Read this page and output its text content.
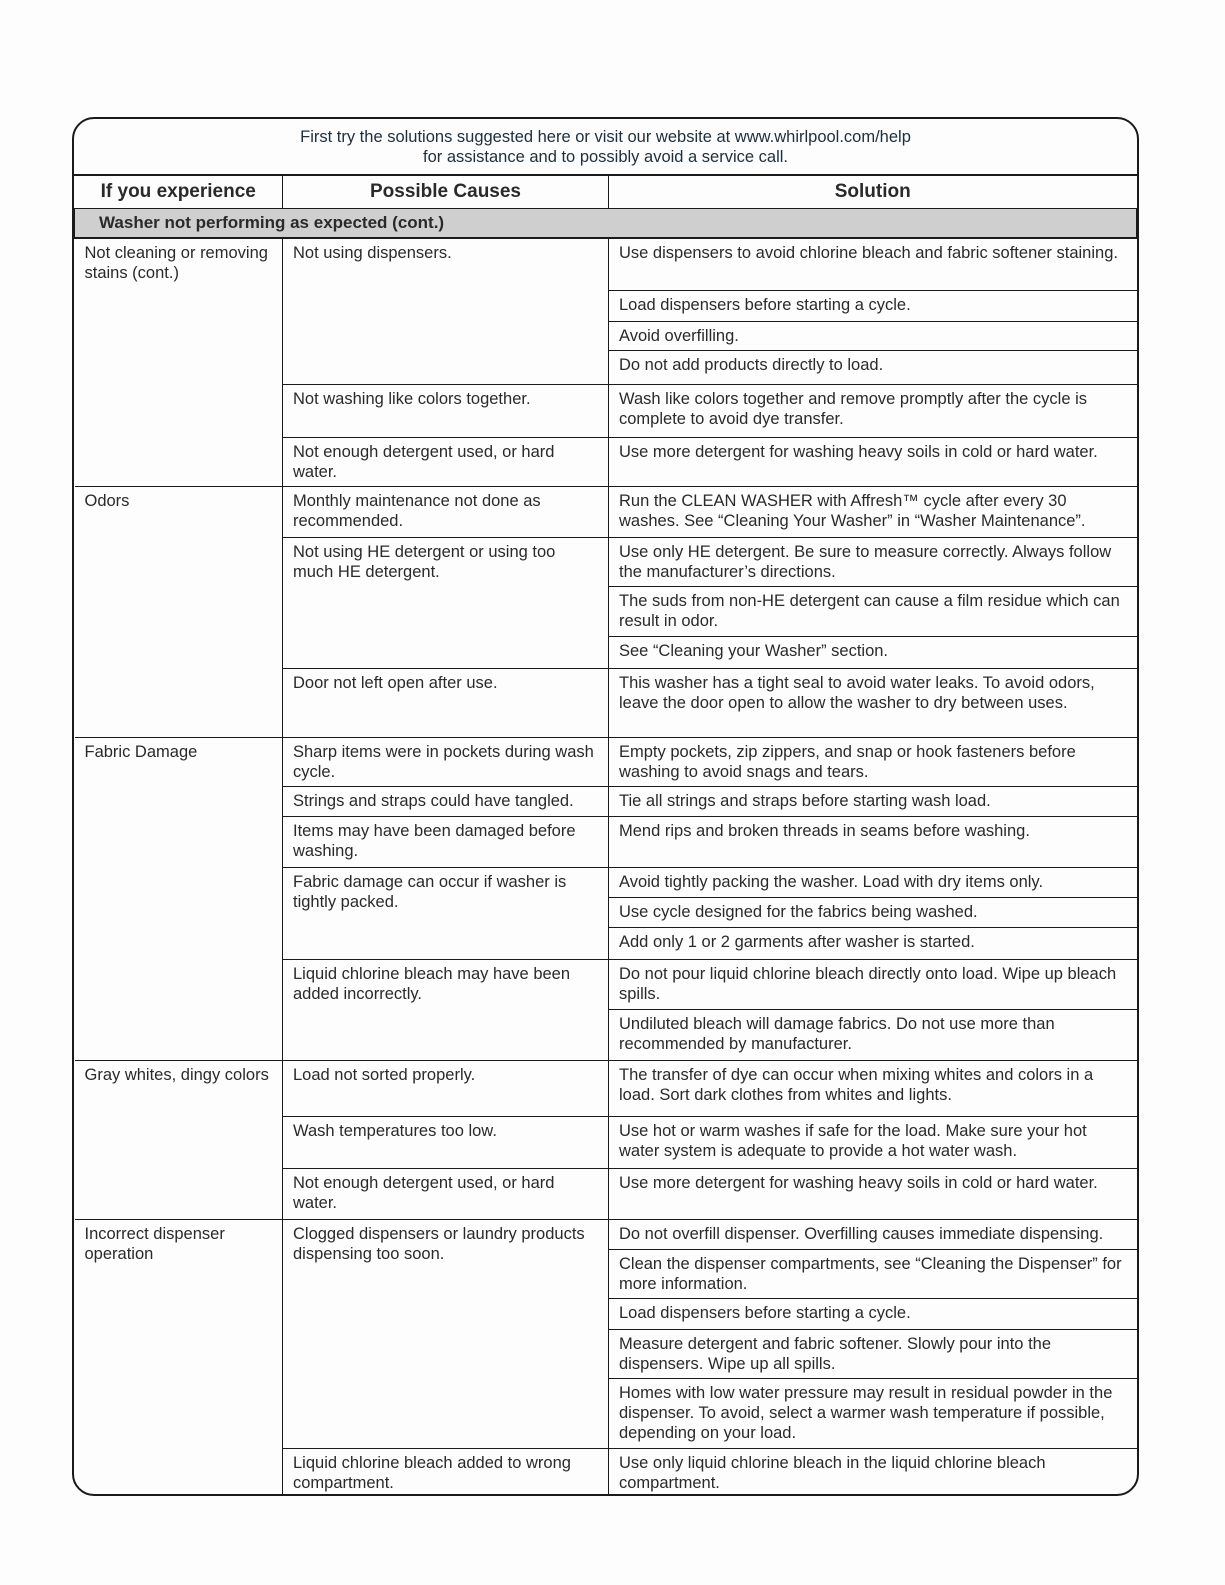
First try the solutions suggested here or visit our website at www.whirlpool.com/help
for assistance and to possibly avoid a service call.
If you experience	Possible Causes	Solution
Washer not performing as expected (cont.)		
Not cleaning or removing stains (cont.)	Not using dispensers.	Use dispensers to avoid chlorine bleach and fabric softener staining.
		Load dispensers before starting a cycle.
		Avoid overfilling.
		Do not add products directly to load.
	Not washing like colors together.	Wash like colors together and remove promptly after the cycle is complete to avoid dye transfer.
	Not enough detergent used, or hard water.	Use more detergent for washing heavy soils in cold or hard water.
Odors	Monthly maintenance not done as recommended.	Run the CLEAN WASHER with Affresh™ cycle after every 30 washes. See “Cleaning Your Washer” in “Washer Maintenance”.
	Not using HE detergent or using too much HE detergent.	Use only HE detergent. Be sure to measure correctly. Always follow the manufacturer’s directions.
		The suds from non-HE detergent can cause a film residue which can result in odor.
		See “Cleaning your Washer” section.
	Door not left open after use.	This washer has a tight seal to avoid water leaks. To avoid odors, leave the door open to allow the washer to dry between uses.
Fabric Damage	Sharp items were in pockets during wash cycle.	Empty pockets, zip zippers, and snap or hook fasteners before washing to avoid snags and tears.
	Strings and straps could have tangled.	Tie all strings and straps before starting wash load.
	Items may have been damaged before washing.	Mend rips and broken threads in seams before washing.
	Fabric damage can occur if washer is tightly packed.	Avoid tightly packing the washer. Load with dry items only.
		Use cycle designed for the fabrics being washed.
		Add only 1 or 2 garments after washer is started.
	Liquid chlorine bleach may have been added incorrectly.	Do not pour liquid chlorine bleach directly onto load. Wipe up bleach spills.
		Undiluted bleach will damage fabrics. Do not use more than recommended by manufacturer.
Gray whites, dingy colors	Load not sorted properly.	The transfer of dye can occur when mixing whites and colors in a load. Sort dark clothes from whites and lights.
	Wash temperatures too low.	Use hot or warm washes if safe for the load. Make sure your hot water system is adequate to provide a hot water wash.
	Not enough detergent used, or hard water.	Use more detergent for washing heavy soils in cold or hard water.
Incorrect dispenser operation	Clogged dispensers or laundry products dispensing too soon.	Do not overfill dispenser. Overfilling causes immediate dispensing.
		Clean the dispenser compartments, see “Cleaning the Dispenser” for more information.
		Load dispensers before starting a cycle.
		Measure detergent and fabric softener. Slowly pour into the dispensers. Wipe up all spills.
		Homes with low water pressure may result in residual powder in the dispenser. To avoid, select a warmer wash temperature if possible, depending on your load.
	Liquid chlorine bleach added to wrong compartment.	Use only liquid chlorine bleach in the liquid chlorine bleach compartment.
